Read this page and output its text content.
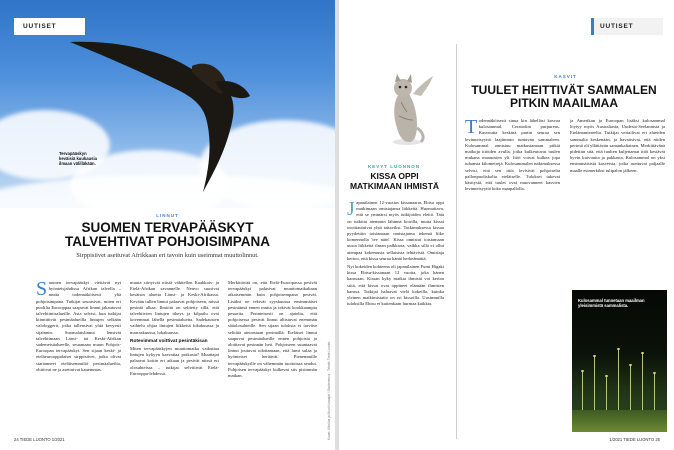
UUTISET
Tervapääskyn
keväisiä kuukausia
ilmaan välilläkään.
LINNUT
SUOMEN TERVAPÄÄSKYT TALVEHTIVAT POHJOISIMPANA
Sirppisiivet asettuvat Afrikkaan eri tavoin kuin useimmat muuttolinnut.

Suomen tervapääskyt viettävät nyt hyönteisjahdissa Afrikan talvella – mutta todennäköisesti yhä pohjoisimpana. Tutkijat seurasivat, miten eri puolilta Eurooppaa saapuvat linnut jakautuvat talvehtimisalueille. Asia selvisi, kun tutkijat kiinnittivät pesimäalueilla lintujen selkään valologgerit, jotka tallensivat yhtä kevyesti sijainnin. Suomalaislinnut lensivät talvehtimaan Länsi- tai Keski-Afrikan sademetsäalueelle, seuranaan muun Pohjois-Euroopan tervapääskyt. Sen sijaan keski- ja eteläeurooppalaiset sirppisiivet, jotka olivat startanneet eteläisemmiltä pesimäalueilta, ohittivat ne ja asettuivat kauemmas.

muuta siirtyivät niistä vähitellen Kaakkois- ja Etelä-Afrikan savannelle. Neuvo suosivat kesäisin aluetta Länsi- ja Keski-Afrikassa. Kevään tullen linnut palaavat pohjoiseen, missä pesintä alkaa. Ilmiötä on selitetty sillä, että talvehtivien lintujen tiheys ja kilpailu ovat kovemmat lähellä pesimäaluetta. Sadekausien vaihtelu ohjaa lintujen liikkeitä lokakuussa ja marraskuussa, lokakuussa.

Rotevimmat voittivat pesintäkisan

Miten tervapääskyjen muuttomatka vaikuttaa lintujen kykyyn kasvattaa poikasia? Muuttajat palaavat kotiin eri aikaan ja pesivät niissä eri olosuhteissa – tutkijat selvittivät Etelä-Eurooppa-lehdessä.

Merkittävää on, että Etelä-Euroopassa pesivät tervapääskyt palasivat muuttomatkaltaan aikaisemmin kuin pohjoisempana pesivät. Lisäksi ne tekivät syyskuussa ensimmäiset pesintänsä ennen muita ja tekivät kookkaampia pesueita. Perinteisesti on ajateltu, että pohjoisessa pesivät linnut altistuvat enemmän sääolosuhteille. Sen sijaan tuloksia ei tarvitse selittää ainoastaan perimällä. Eteläiset linnut saapuvat pesimäalueille ennen pohjoisia ja aloittavat pesinnän heti. Pohjoiseen suuntaavat linnut joutuvat odottamaan, että lumi sulaa ja hyönteiset heräävät. Pienemmille tervapääskyille on vähemmän tuottoisaa seudut. Pohjoisen tervapääskyt kulkevat siis pisimmän matkan.

24 TIEDE LUONTO 1/2021	Kuvat: Ulkoilua ja Muut Kuvaajat / Shutterstock · Tekstit: Tiede Luonto
UUTISET
KEVYT LUONNON
KISSA OPPI MATKIMAAN IHMISTÄ

Japanilainen 12-vuotias kissanaaras Ebisu oppi matkimaan omistajansa liikkeitä. Huomattava, että se ymmärsi myös tutkijoiden eleitä. Tätä on tutkittu aiemmin lähinnä koirilla, mutta kissat osoittautuivat yhtä taitaviksi. Tutkimuksessa kissaa pyydettiin toistamaan omistajansa tekemä liike komennolla 'tee näin'. Kissa onnistui toistamaan uusia liikkeitä ilman palkkiota, vaikka sillä ei ollut aiempaa kokemusta sellaisista tehtävistä. Omistaja kertoo, että kissa seuraa häntä herkeämättä.

Nyt kokeiden kohteena oli japanilainen Fumi Higaki kissa Ebisu-kissanaan 12 vuotta, joka hänen kanssaan. Kissan kyky matkia ihmistä voi kertoa siitä, että kissat ovat oppineet elämään ihmisten kanssa. Tutkijat haluavat vielä kokeilla, kuinka yleinen matkimistaito on eri kissoilla. Uusimmilla tuloksilla Ebisu ei kuitenkaan hurmaa kaikkia.

KASVIT
TUULET HEITTIVÄT SAMMALEN PITKIN MAAILMAA

Todennäköisesti sinua kin lähelläsi kasvaa kulosammal, Ceratodon purpureus. Kasvuutta keskinä partin seuraa sen levinneisyyttä laajimmin tuntuvan sammaleen. Kulosammal onnistuu matkustamaan pitkiä matkoja itiöiden avulla, jotka kulkeutuvat tuulen mukana maanosien yli. Itiöt voivat kulkea jopa tuhansia kilometrejä. Kulosammalen tutkimuksessa selvisi, että sen itiöt levisivät pohjoiselta pallonpuoliskolta eteläiselle. Tulokset tukevat käsitystä, että tuulet ovat muovanneet kasvien levinneisyyttä koko maapallolla.

ja Amerikan ja Euroopan lisäksi kulosammal löytyy myös Australiasta, Uudesta-Seelannista ja Etelämantereelta. Tutkijat vertailivat eri alueiden sammalia keskenään, ja havaitsivat, että niiden perimä oli yllättävän samankaltainen. Merkittävänä pidettiin sitä, että tuulten kuljettamat itiöt kestävät hyvin kuivuutta ja pakkasta. Kulosammal on yksi ensimmäisistä kasveista, jotka asettuvat paljaalle maalle esimerkiksi tulipalon jälkeen.

Kulosammal tunnetaan maailman yleisimmistä sammalista.
1/2021 TIEDE LUONTO 25
